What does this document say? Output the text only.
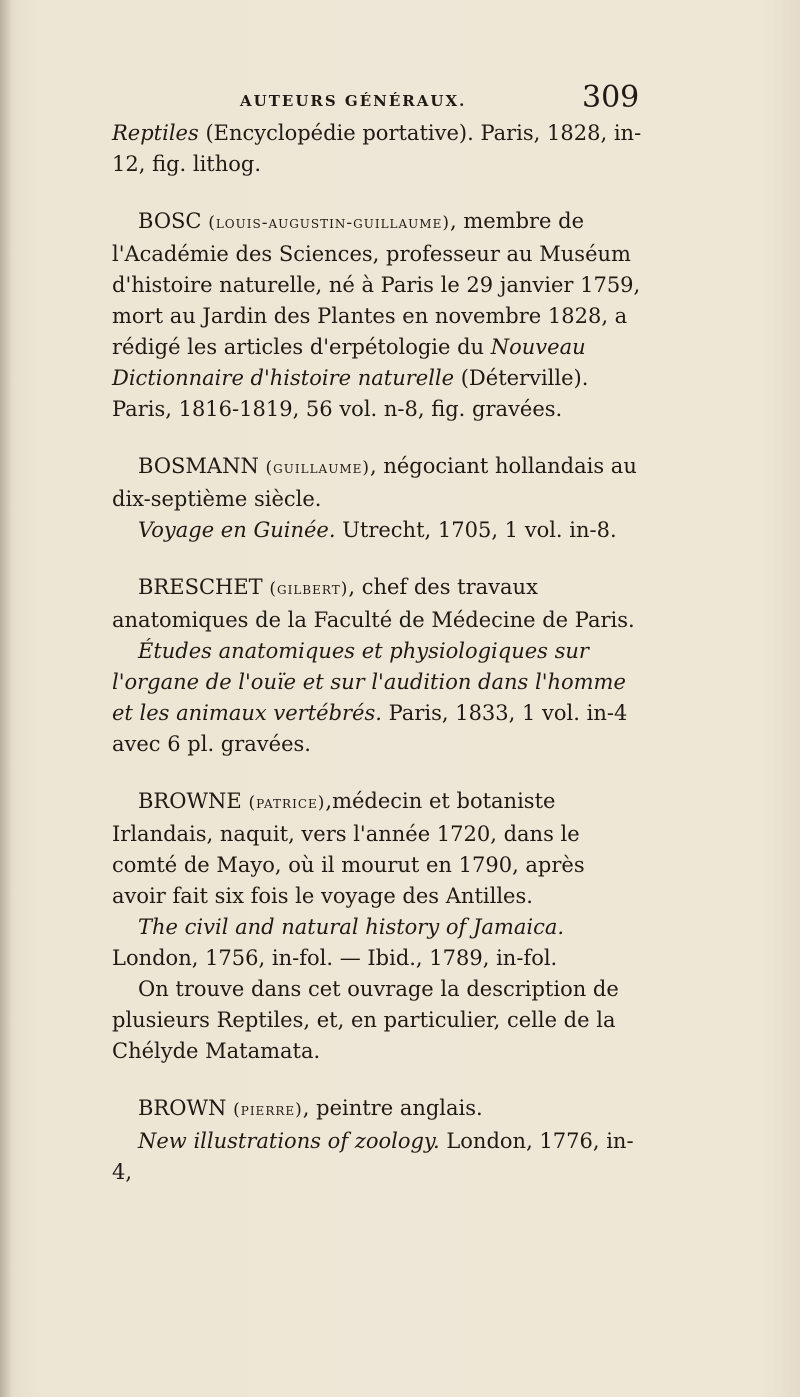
AUTEURS GÉNÉRAUX.	309

Reptiles (Encyclopédie portative). Paris, 1828, in-12, fig. lithog.

BOSC (louis-augustin-guillaume), membre de l'Académie des Sciences, professeur au Muséum d'histoire naturelle, né à Paris le 29 janvier 1759, mort au Jardin des Plantes en novembre 1828, a rédigé les articles d'erpétologie du Nouveau Dictionnaire d'histoire naturelle (Déterville). Paris, 1816-1819, 56 vol. n-8, fig. gravées.

BOSMANN (guillaume), négociant hollandais au dix-septième siècle.

Voyage en Guinée. Utrecht, 1705, 1 vol. in-8.

BRESCHET (gilbert), chef des travaux anatomiques de la Faculté de Médecine de Paris.

Études anatomiques et physiologiques sur l'organe de l'ouïe et sur l'audition dans l'homme et les animaux vertébrés. Paris, 1833, 1 vol. in-4 avec 6 pl. gravées.

BROWNE (patrice),médecin et botaniste Irlandais, naquit, vers l'année 1720, dans le comté de Mayo, où il mourut en 1790, après avoir fait six fois le voyage des Antilles.

The civil and natural history of Jamaica. London, 1756, in-fol. — Ibid., 1789, in-fol.

On trouve dans cet ouvrage la description de plusieurs Reptiles, et, en particulier, celle de la Chélyde Matamata.

BROWN (pierre), peintre anglais.

New illustrations of zoology. London, 1776, in-4,
